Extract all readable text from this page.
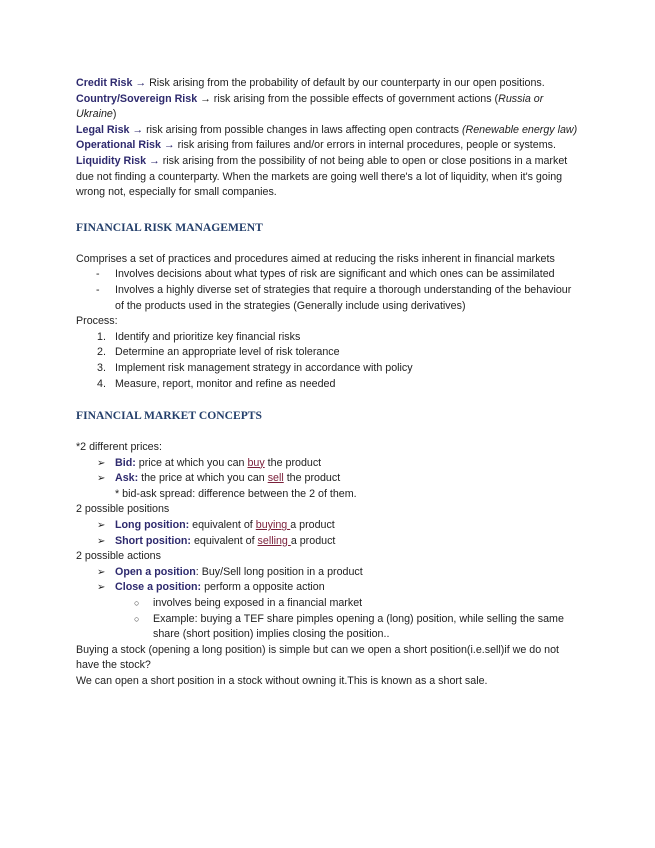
Credit Risk → Risk arising from the probability of default by our counterparty in our open positions.

Country/Sovereign Risk → risk arising from the possible effects of government actions (Russia or Ukraine)

Legal Risk → risk arising from possible changes in laws affecting open contracts (Renewable energy law)

Operational Risk → risk arising from failures and/or errors in internal procedures, people or systems.

Liquidity Risk → risk arising from the possibility of not being able to open or close positions in a market due not finding a counterparty. When the markets are going well there's a lot of liquidity, when it's going wrong not, especially for small companies.

FINANCIAL RISK MANAGEMENT

Comprises a set of practices and procedures aimed at reducing the risks inherent in financial markets

- Involves decisions about what types of risk are significant and which ones can be assimilated
- Involves a highly diverse set of strategies that require a thorough understanding of the behaviour of the products used in the strategies (Generally include using derivatives)

Process:

1. Identify and prioritize key financial risks
2. Determine an appropriate level of risk tolerance
3. Implement risk management strategy in accordance with policy
4. Measure, report, monitor and refine as needed
FINANCIAL MARKET CONCEPTS

*2 different prices:

➢ Bid: price at which you can buy the product
➢ Ask: the price at which you can sell the product

* bid-ask spread: difference between the 2 of them.

2 possible positions

➢ Long position: equivalent of buying a product
➢ Short position: equivalent of selling a product

2 possible actions

➢ Open a position: Buy/Sell long position in a product
➢ Close a position: perform a opposite action
○ involves being exposed in a financial market
○ Example: buying a TEF share pimples opening a (long) position, while selling the same share (short position) implies closing the position..

Buying a stock (opening a long position) is simple but can we open a short position(i.e.sell)if we do not have the stock?

We can open a short position in a stock without owning it.This is known as a short sale.
